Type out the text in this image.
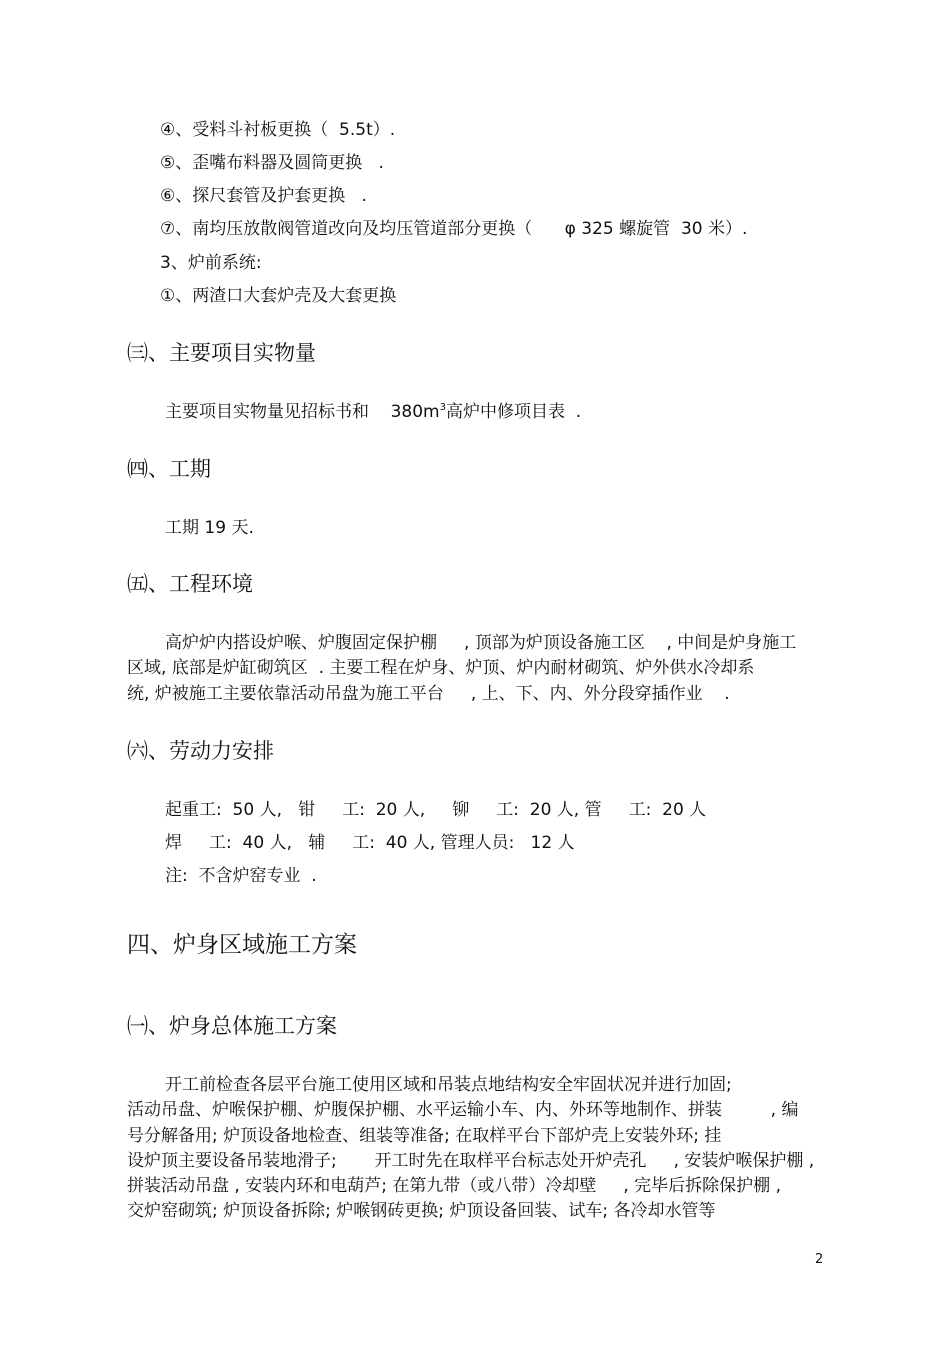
④、受料斗衬板更换（  5.5t）.
⑤、歪嘴布料器及圆筒更换   .
⑥、探尺套管及护套更换   .
⑦、南均压放散阀管道改向及均压管道部分更换（      φ 325 螺旋管  30 米）.
3、炉前系统:
①、两渣口大套炉壳及大套更换
㈢、主要项目实物量
主要项目实物量见招标书和    $380m^3$高炉中修项目表  .
㈣、工期
工期 19 天.
㈤、工程环境
高炉炉内搭设炉喉、炉腹固定保护棚     , 顶部为炉顶设备施工区    , 中间是炉身施工
区域, 底部是炉缸砌筑区  . 主要工程在炉身、炉顶、炉内耐材砌筑、炉外供水冷却系
统, 炉被施工主要依靠活动吊盘为施工平台     , 上、下、内、外分段穿插作业    .
㈥、劳动力安排
起重工:  50 人,   钳     工:  20 人,     铆     工:  20 人, 管     工:  20 人
焊     工:  40 人,   辅     工:  40 人, 管理人员:   12 人
注:  不含炉窑专业  .
四、炉身区域施工方案
㈠、炉身总体施工方案
开工前检查各层平台施工使用区域和吊装点地结构安全牢固状况并进行加固;
活动吊盘、炉喉保护棚、炉腹保护棚、水平运输小车、内、外环等地制作、拼装         , 编
号分解备用; 炉顶设备地检查、组装等准备; 在取样平台下部炉壳上安装外环; 挂
设炉顶主要设备吊装地滑子;       开工时先在取样平台标志处开炉壳孔     , 安装炉喉保护棚 ,
拼装活动吊盘 , 安装内环和电葫芦; 在第九带（或八带）冷却壁     , 完毕后拆除保护棚 ,
交炉窑砌筑; 炉顶设备拆除; 炉喉钢砖更换; 炉顶设备回装、试车; 各冷却水管等
2
